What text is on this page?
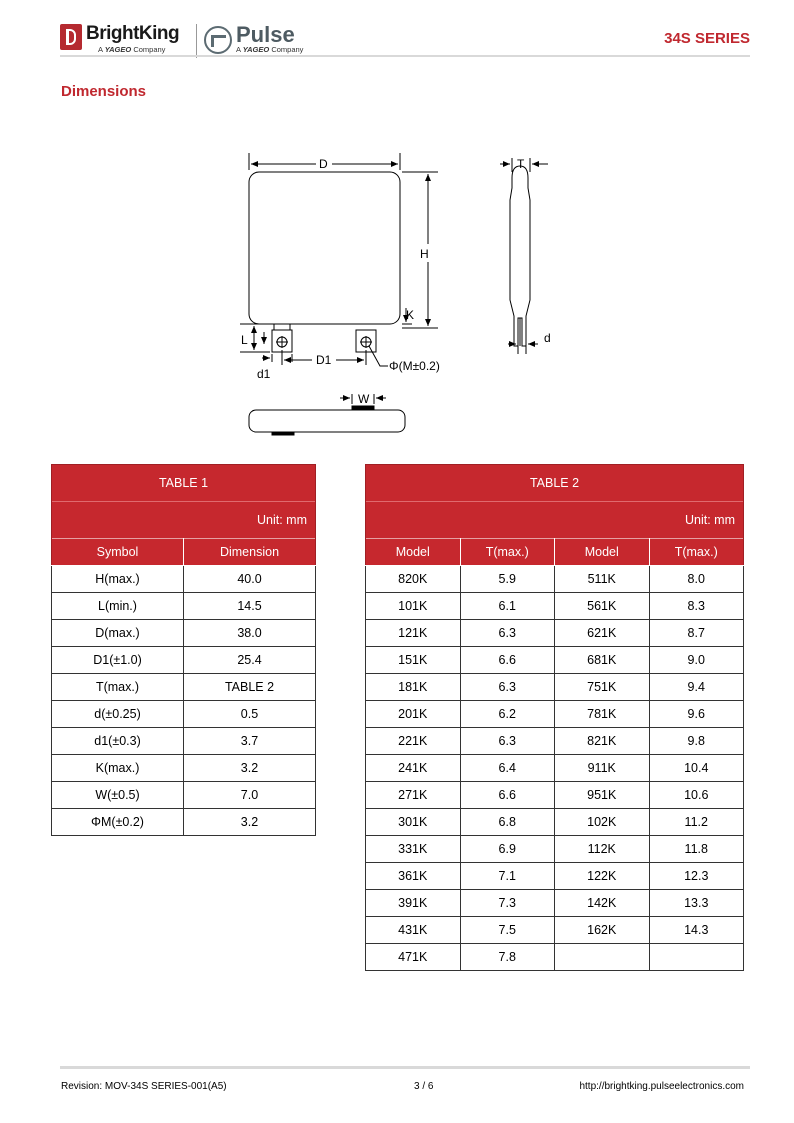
BrightKing
A YAGEO Company
Pulse
A YAGEO Company
34S SERIES
Dimensions
D
H
K
L
d1
D1	Φ(M±0.2)
T
d
W
TABLE 1	
Unit: mm	
Symbol	Dimension
H(max.)	40.0
L(min.)	14.5
D(max.)	38.0
D1(±1.0)	25.4
T(max.)	TABLE 2
d(±0.25)	0.5
d1(±0.3)	3.7
K(max.)	3.2
W(±0.5)	7.0
ΦM(±0.2)	3.2
TABLE 2			
Unit: mm			
Model	T(max.)	Model	T(max.)
820K	5.9	511K	8.0
101K	6.1	561K	8.3
121K	6.3	621K	8.7
151K	6.6	681K	9.0
181K	6.3	751K	9.4
201K	6.2	781K	9.6
221K	6.3	821K	9.8
241K	6.4	911K	10.4
271K	6.6	951K	10.6
301K	6.8	102K	11.2
331K	6.9	112K	11.8
361K	7.1	122K	12.3
391K	7.3	142K	13.3
431K	7.5	162K	14.3
471K	7.8		
Revision: MOV-34S SERIES-001(A5)	3 / 6	http://brightking.pulseelectronics.com
